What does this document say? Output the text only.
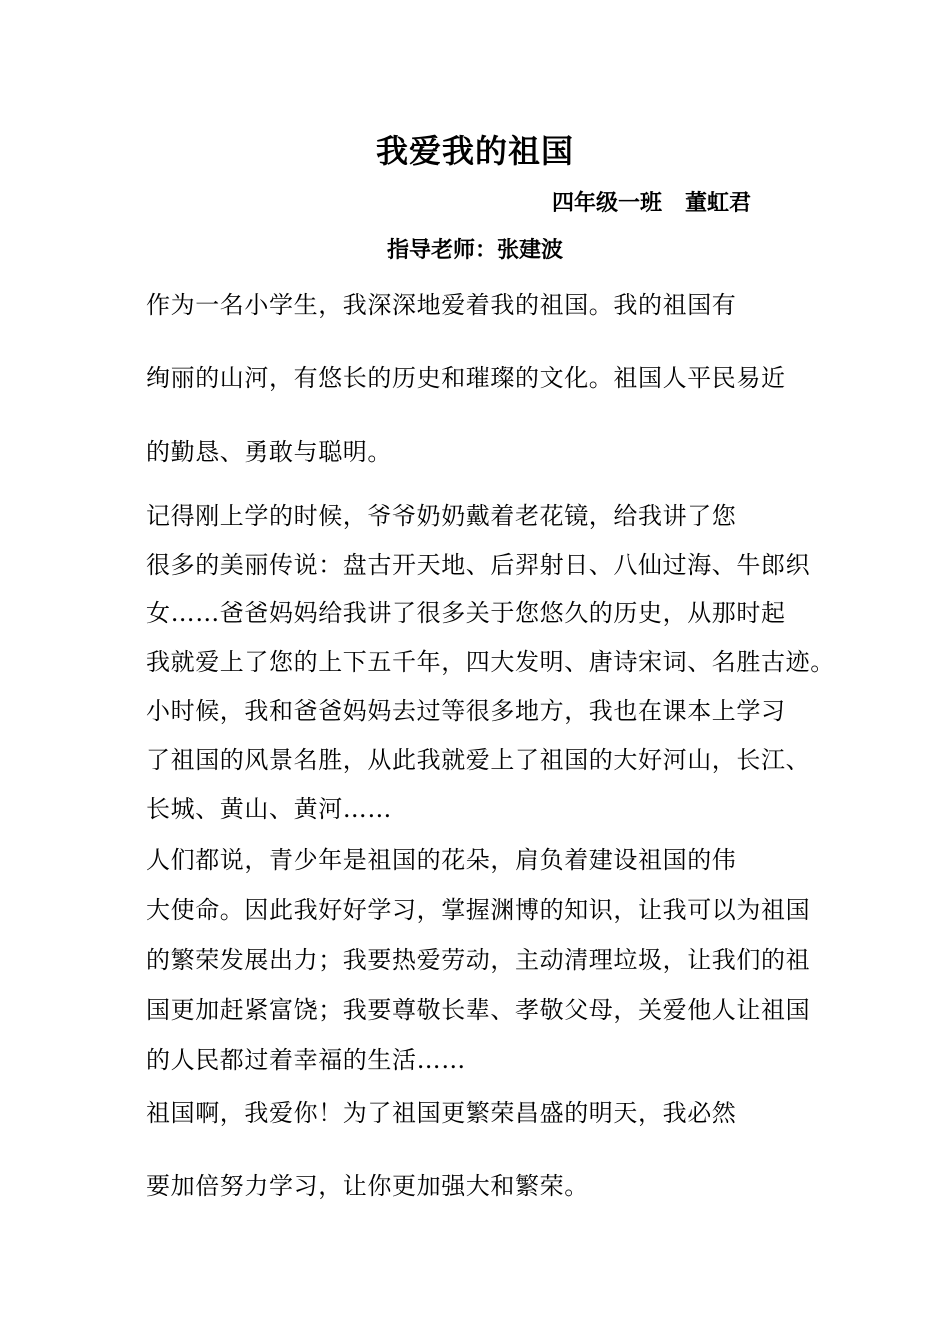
我爱我的祖国
四年级一班   董虹君
指导老师：张建波
作为一名小学生，我深深地爱着我的祖国。我的祖国有
绚丽的山河，有悠长的历史和璀璨的文化。祖国人平民易近
的勤恳、勇敢与聪明。
记得刚上学的时候，爷爷奶奶戴着老花镜，给我讲了您
很多的美丽传说：盘古开天地、后羿射日、八仙过海、牛郎织
女……爸爸妈妈给我讲了很多关于您悠久的历史，从那时起
我就爱上了您的上下五千年，四大发明、唐诗宋词、名胜古迹。
小时候，我和爸爸妈妈去过等很多地方，我也在课本上学习
了祖国的风景名胜，从此我就爱上了祖国的大好河山，长江、
长城、黄山、黄河……
人们都说，青少年是祖国的花朵，肩负着建设祖国的伟
大使命。因此我好好学习，掌握渊博的知识，让我可以为祖国
的繁荣发展出力；我要热爱劳动，主动清理垃圾，让我们的祖
国更加赶紧富饶；我要尊敬长辈、孝敬父母，关爱他人让祖国
的人民都过着幸福的生活……
祖国啊，我爱你！为了祖国更繁荣昌盛的明天，我必然
要加倍努力学习，让你更加强大和繁荣。
